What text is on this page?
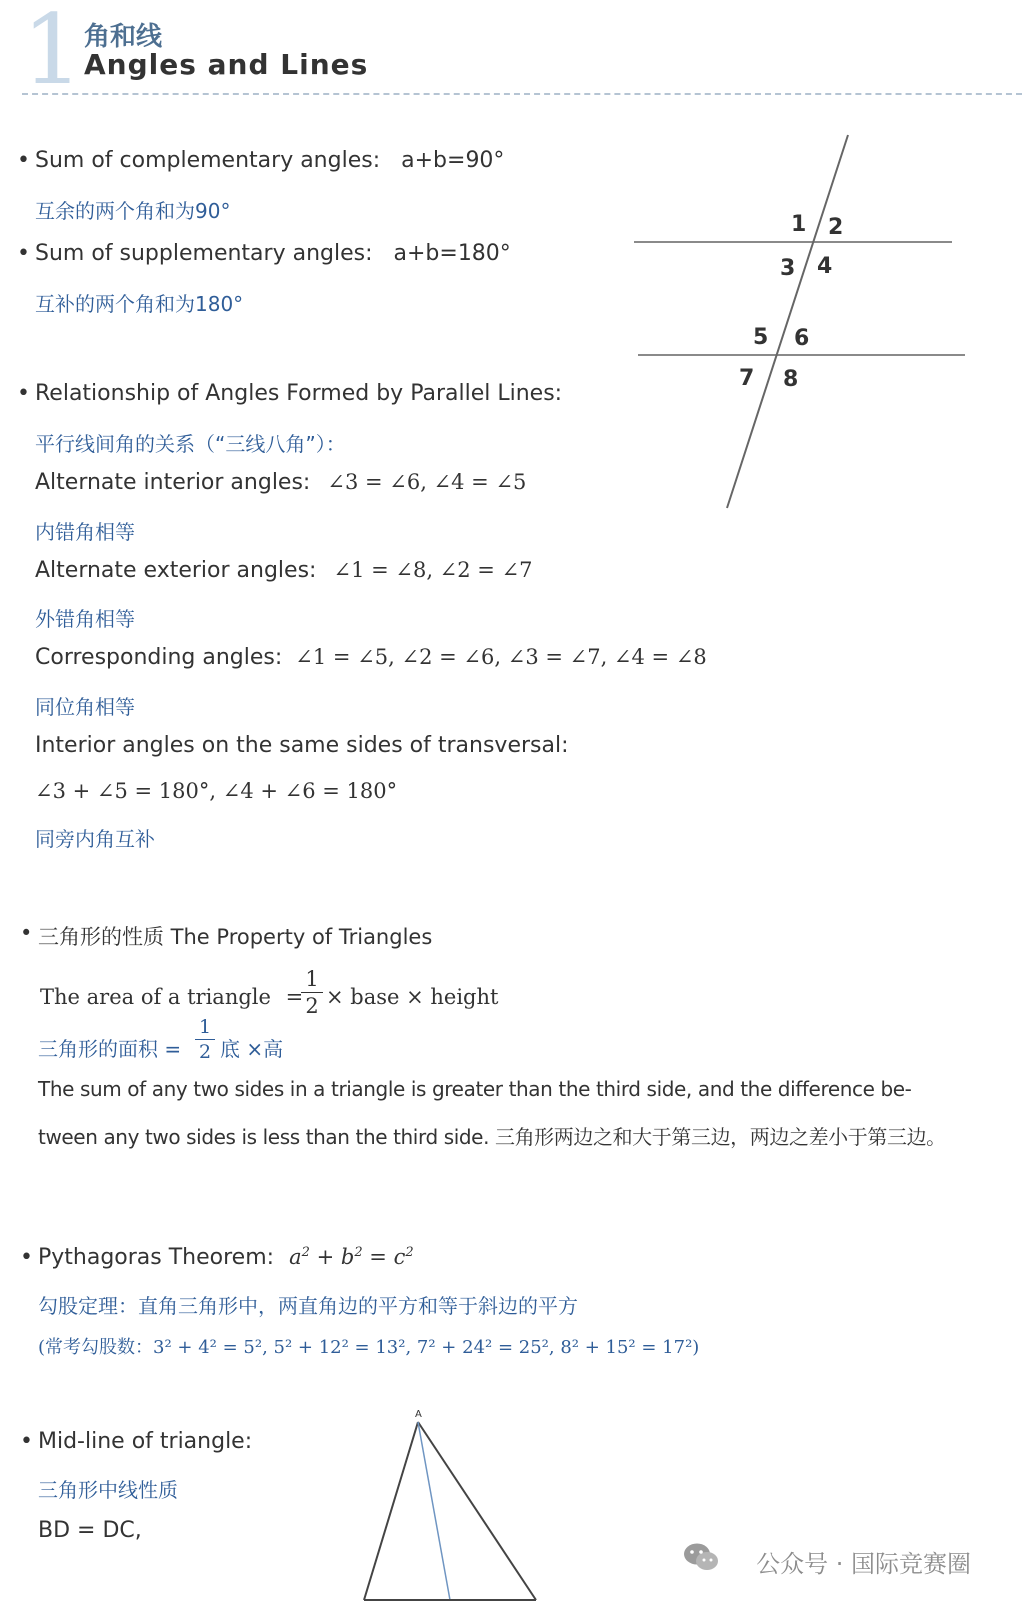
1 角和线
Angles and Lines
• Sum of complementary angles: a+b=90°
互余的两个角和为90°
• Sum of supplementary angles: a+b=180°
互补的两个角和为180°
1 2
3 4
5 6
7 8
• Relationship of Angles Formed by Parallel Lines:
平行线间角的关系（“三线八角”）：
Alternate interior angles: ∠3 = ∠6, ∠4 = ∠5
内错角相等
Alternate exterior angles: ∠1 = ∠8, ∠2 = ∠7
外错角相等
Corresponding angles: ∠1 = ∠5, ∠2 = ∠6, ∠3 = ∠7, ∠4 = ∠8
同位角相等
Interior angles on the same sides of transversal:
∠3 + ∠5 = 180°, ∠4 + ∠6 = 180°
同旁内角互补
• 三角形的性质 The Property of Triangles
The area of a triangle =
$\frac{1}{2}$ × base × height
三角形的面积 = $\frac{1}{2}$ 底 ×高
The sum of any two sides in a triangle is greater than the third side, and the difference be-
tween any two sides is less than the third side. 三角形两边之和大于第三边，两边之差小于第三边。
• Pythagoras Theorem: $a^2 + b^2 = c^2$
勾股定理：直角三角形中，两直角边的平方和等于斜边的平方
(常考勾股数：3² + 4² = 5², 5² + 12² = 13², 7² + 24² = 25², 8² + 15² = 17²)
• Mid-line of triangle:
三角形中线性质
BD = DC,
A
公众号 · 国际竞赛圈
